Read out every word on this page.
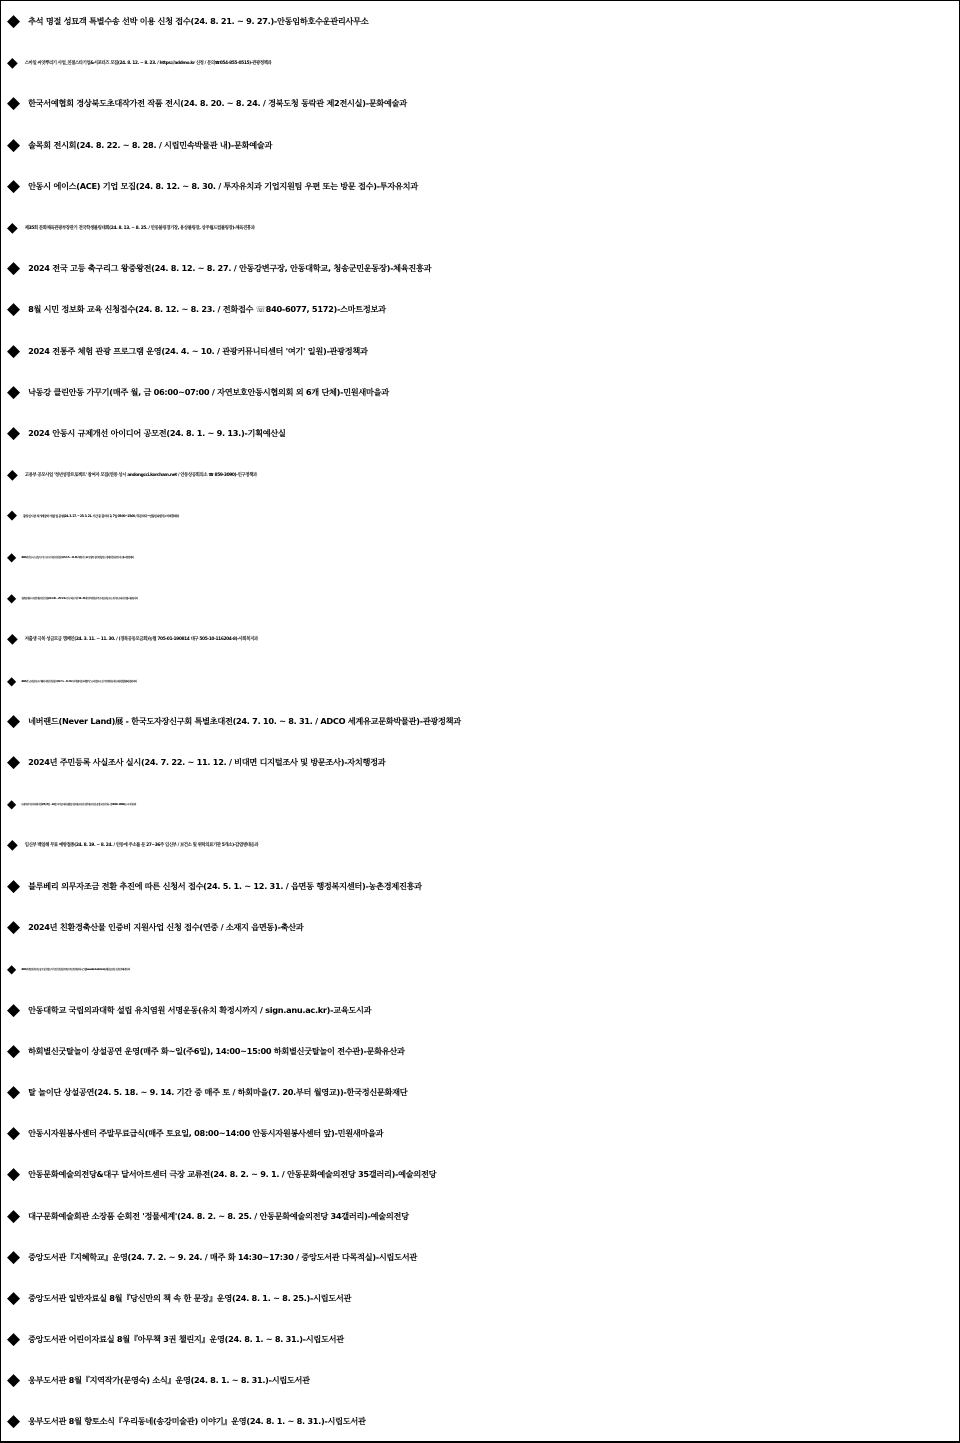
◆ 추석 명절 성묘객 특별수송 선박 이용 신청 접수(24. 8. 21. ~ 9. 27.)-안동임하호수운관리사무소
◆ 스마일 씨앗뿌리기 사업_친절스타기업&서포터즈 모집(24. 8. 12. ~ 8. 23. / https://addmo.kr 신청 / 문의☎054-855-0515)-관광정책과
◆ 한국서예협회 경상북도초대작가전 작품 전시(24. 8. 20. ~ 8. 24. / 경북도청 동락관 제2전시실)-문화예술과
◆ 솔목회 전시회(24. 8. 22. ~ 8. 28. / 시립민속박물관 내)-문화예술과
◆ 안동시 에이스(ACE) 기업 모집(24. 8. 12. ~ 8. 30. / 투자유치과 기업지원팀 우편 또는 방문 접수)-투자유치과
◆ 제35회 문화체육관광부장관기 전국학생볼링대회(24. 8. 13. ~ 8. 25. / 안동볼링경기장, 용상볼링장, 상주월드컵볼링장)-체육진흥과
◆ 2024 전국 고등 축구리그 왕중왕전(24. 8. 12. ~ 8. 27. / 안동강변구장, 안동대학교, 청송군민운동장)-체육진흥과
◆ 8월 시민 정보화 교육 신청접수(24. 8. 12. ~ 8. 23. / 전화접수 ☏840-6077, 5172)-스마트정보과
◆ 2024 전통주 체험 관광 프로그램 운영(24. 4. ~ 10. / 관광커뮤니티센터 '여기' 일원)-관광정책과
◆ 낙동강 클린안동 가꾸기(매주 월, 금 06:00~07:00 / 자연보호안동시협의회 외 6개 단체)-민원새마을과
◆ 2024 안동시 규제개선 아이디어 공모전(24. 8. 1. ~ 9. 13.)-기획예산실
◆ 고용부 공모사업 '청년성장프로젝트' 참여자 모집(연중 상시 andongcci.korcham.net / 안동상공회의소 ☎ 859-3090)-인구정책과
◆ 중앙신시장 직거래장터 개설 및 운영(24. 3. 27. ~ 25. 3. 21. 기간 중 끝자리 2, 7일 05:00~15:00 / 푸른약국~안동민속한우)-지역경제과
◆ 2024년 안동시 소상공인 카드수수료 지원 신청 접수(24. 4. 5. ~ 11. 30. / 행복카드.kr 및 방문 접수(경상북도 경제진흥원 북부지소))-지역경제과
◆ 청년월세 한시 특별지원사업 신청(24. 2. 26. ~ 25. 3. 31. / 부모 따로 거주 19~34세 무주택 청년 / 주소지읍면동 또는 복지로 온라인신청)-사회복지과
◆ 저출생 극복 성금모금 캠페인(24. 3. 11. ~ 11. 30. / (경북공동모금회)농협 705-01-190814 대구 505-10-116204-8)-사회복지과
◆ 2024년 노후경유차 조기폐차 지원 신청 접수(24. 7. 1. ~ 11. 30. / 인터넷(자동차배출가스누리집) 또는 등기우편(한국자동차환경협회))-환경관리과
◆ 네버랜드(Never Land)展 - 한국도자장신구회 특별초대전(24. 7. 10. ~ 8. 31. / ADCO 세계유교문화박물관)-관광정책과
◆ 2024년 주민등록 사실조사 실시(24. 7. 22. ~ 11. 12. / 비대면 디지털조사 및 방문조사)-자치행정과
◆ 녹색자전거 무료대여사업(24년 3월 ~ 12월 / 어가골 다목적광장, 영호대교 북단, 영가대교 북단, 용정교 북단 / 화~일 09:00~18:00)-도시디자인과
◆ 임신부 백일해 무료 예방접종(24. 8. 19. ~ 8. 24. / 안동에 주소를 둔 27~36주 임신부 / 보건소 및 위탁의료기관 5개소)-감염병대응과
◆ 블루베리 의무자조금 전환 추진에 따른 신청서 접수(24. 5. 1. ~ 12. 31. / 읍면동 행정복지센터)-농촌경제진흥과
◆ 2024년 친환경축산물 인증비 지원사업 신청 접수(연중 / 소재지 읍면동)-축산과
◆ 2024년 깨끗한 축산농장 조성 희망농가 사업 신청 접수(연중 / 축산악취관리시스템(www.lemi.or.kr/oms/), 해당 읍면동 및 축산과)-축산과
◆ 안동대학교 국립의과대학 설립 유치염원 서명운동(유치 확정시까지 / sign.anu.ac.kr)-교육도시과
◆ 하회별신굿탈놀이 상설공연 운영(매주 화~일(주6일), 14:00~15:00 하회별신굿탈놀이 전수관)-문화유산과
◆ 탈 놀이단 상설공연(24. 5. 18. ~ 9. 14. 기간 중 매주 토 / 하회마을(7. 20.부터 월영교))-한국정신문화재단
◆ 안동시자원봉사센터 주말무료급식(매주 토요일, 08:00~14:00 안동시자원봉사센터 앞)-민원새마을과
◆ 안동문화예술의전당&대구 달서아트센터 극장 교류전(24. 8. 2. ~ 9. 1. / 안동문화예술의전당 35갤러리)-예술의전당
◆ 대구문화예술회관 소장품 순회전 '정물세계'(24. 8. 2. ~ 8. 25. / 안동문화예술의전당 34갤러리)-예술의전당
◆ 중앙도서관『지혜학교』운영(24. 7. 2. ~ 9. 24. / 매주 화 14:30~17:30 / 중앙도서관 다목적실)-시립도서관
◆ 중앙도서관 일반자료실 8월『당신만의 책 속 한 문장』운영(24. 8. 1. ~ 8. 25.)-시립도서관
◆ 중앙도서관 어린이자료실 8월『아무책 3권 챌린지』운영(24. 8. 1. ~ 8. 31.)-시립도서관
◆ 웅부도서관 8월『지역작가(문영숙) 소식』운영(24. 8. 1. ~ 8. 31.)-시립도서관
◆ 웅부도서관 8월 향토소식『우리동네(송강미술관) 이야기』운영(24. 8. 1. ~ 8. 31.)-시립도서관
